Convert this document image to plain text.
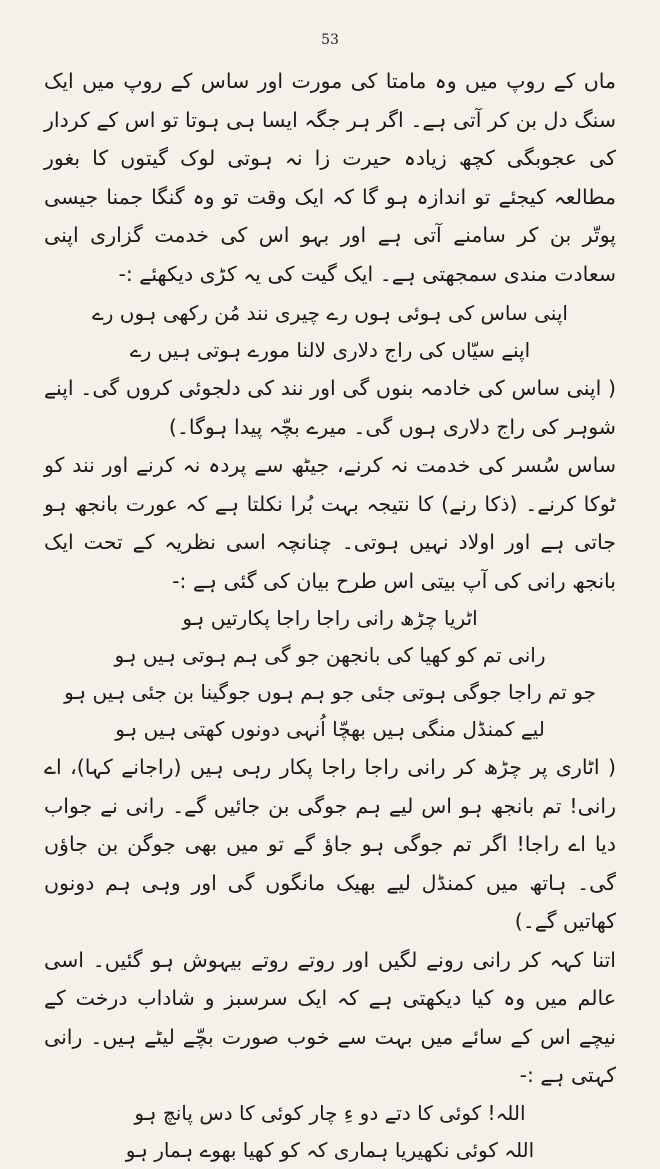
53

ماں کے روپ میں وہ مامتا کی مورت اور ساس کے روپ میں ایک سنگ دل بن کر آتی ہے۔ اگر ہر جگہ ایسا ہی ہوتا تو اس کے کردار کی عجوبگی کچھ زیادہ حیرت زا نہ ہوتی لوک گیتوں کا بغور مطالعہ کیجئے تو اندازہ ہو گا کہ ایک وقت تو وہ گنگا جمنا جیسی پوتّر بن کر سامنے آتی ہے اور بہو اس کی خدمت گزاری اپنی سعادت مندی سمجھتی ہے۔ ایک گیت کی یہ کڑی دیکھئے :-

اپنی ساس کی ہوئی ہوں رے چیری نند مُن رکھی ہوں رے

اپنے سیّاں کی راج دلاری لالنا مورے ہوتی ہیں رے

( اپنی ساس کی خادمہ بنوں گی اور نند کی دلجوئی کروں گی۔ اپنے شوہر کی راج دلاری ہوں گی۔ میرے بچّہ پیدا ہوگا۔)

ساس سُسر کی خدمت نہ کرنے، جیٹھ سے پردہ نہ کرنے اور نند کو ٹوکا کرنے۔ (ذکا رنے) کا نتیجہ بہت بُرا نکلتا ہے کہ عورت بانجھ ہو جاتی ہے اور اولاد نہیں ہوتی۔ چنانچہ اسی نظریہ کے تحت ایک بانجھ رانی کی آپ بیتی اس طرح بیان کی گئی ہے :-

اٹریا چڑھ رانی راجا راجا پکارتیں ہو

رانی تم کو کھیا کی بانجھن جو گی ہم ہوتی ہیں ہو

جو تم راجا جوگی ہوتی جئی جو ہم ہوں جوگینا بن جئی ہیں ہو

لیے کمنڈل منگی ہیں بھچّا اُنہی دونوں کھتی ہیں ہو

( اٹاری پر چڑھ کر رانی راجا راجا پکار رہی ہیں (راجانے کہا)، اے رانی! تم بانجھ ہو اس لیے ہم جوگی بن جائیں گے۔ رانی نے جواب دیا اے راجا! اگر تم جوگی ہو جاؤ گے تو میں بھی جوگن بن جاؤں گی۔ ہاتھ میں کمنڈل لیے بھیک مانگوں گی اور وہی ہم دونوں کھاتیں گے۔)

اتنا کہہ کر رانی رونے لگیں اور روتے روتے بیہوش ہو گئیں۔ اسی عالم میں وہ کیا دیکھتی ہے کہ ایک سرسبز و شاداب درخت کے نیچے اس کے سائے میں بہت سے خوب صورت بچّے لیٹے ہیں۔ رانی کہتی ہے :-

اللہ! کوئی کا دتے دو ءِ چار کوئی کا دس پانچ ہو

اللہ کوئی نکھیریا ہماری کہ کو کھیا بھوے ہمار ہو
